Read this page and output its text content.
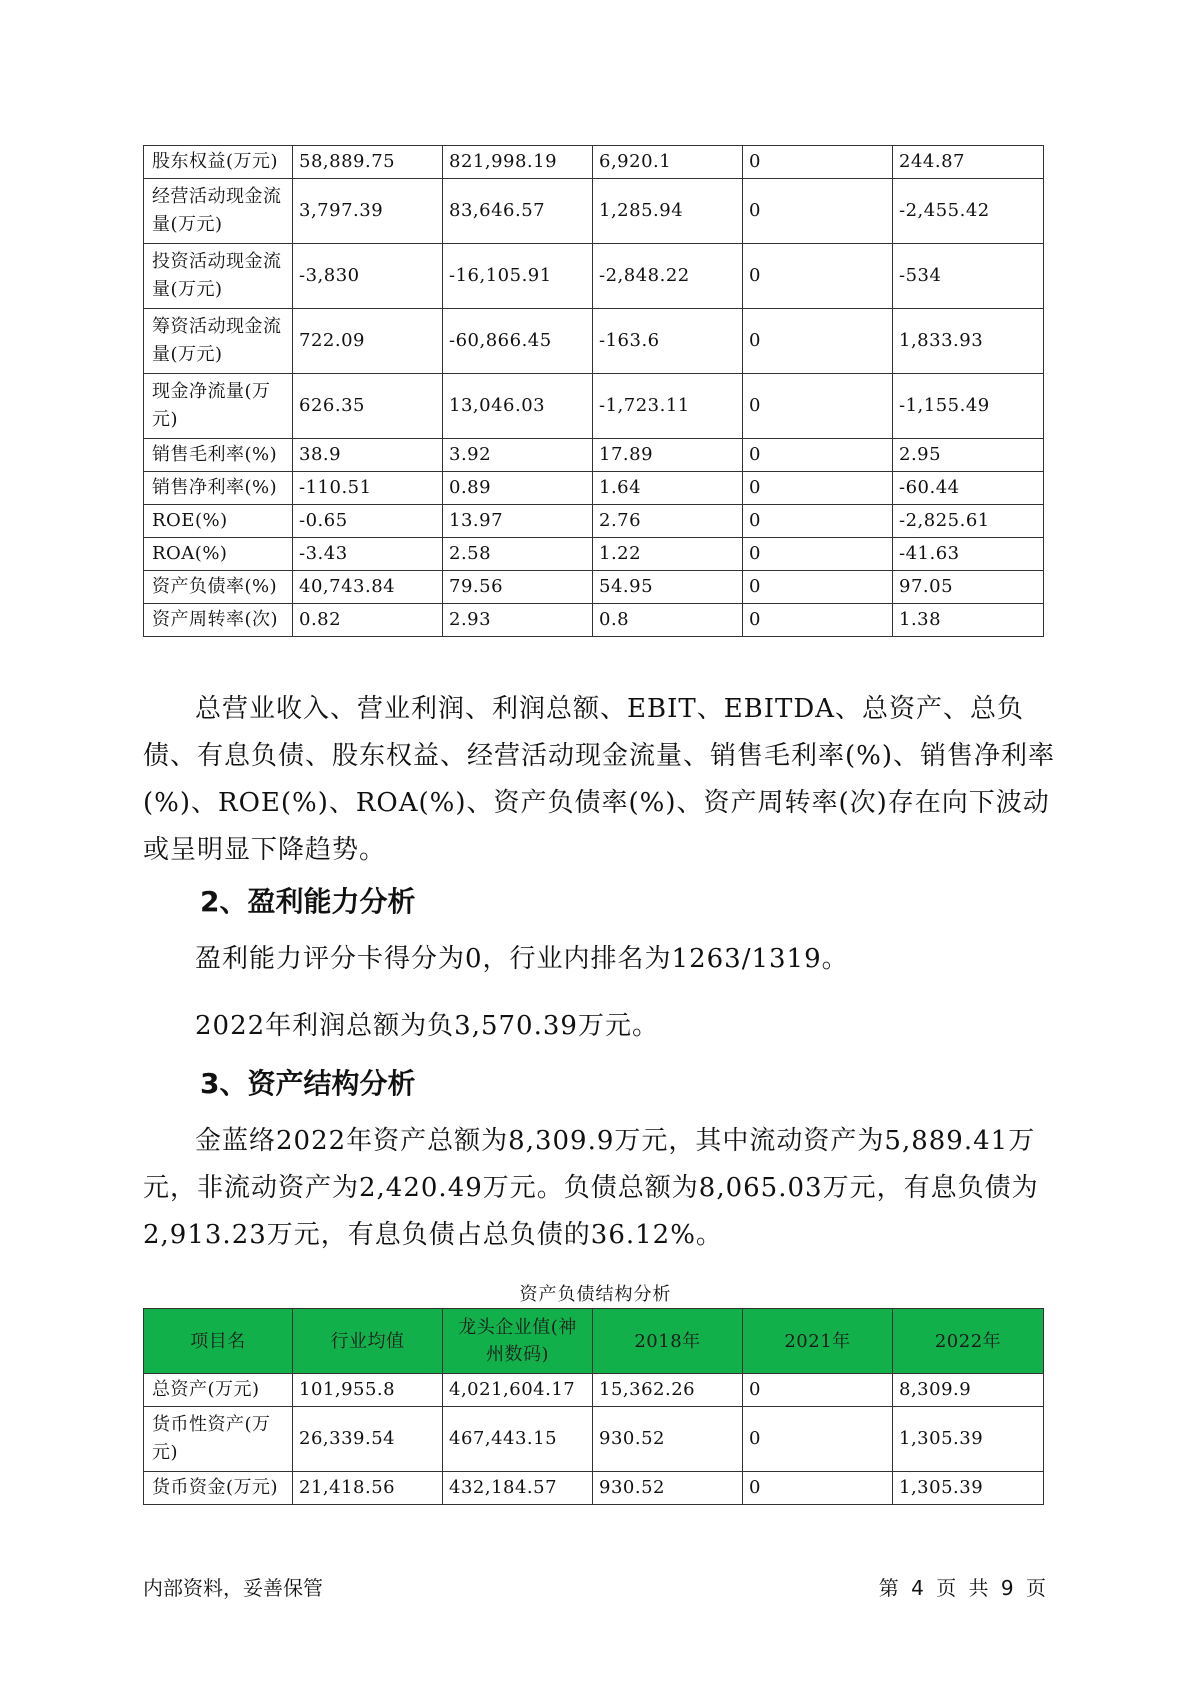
股东权益(万元)	58,889.75	821,998.19	6,920.1	0	244.87
经营活动现金流量(万元)	3,797.39	83,646.57	1,285.94	0	-2,455.42
投资活动现金流量(万元)	-3,830	-16,105.91	-2,848.22	0	-534
筹资活动现金流量(万元)	722.09	-60,866.45	-163.6	0	1,833.93
现金净流量(万元)	626.35	13,046.03	-1,723.11	0	-1,155.49
销售毛利率(%)	38.9	3.92	17.89	0	2.95
销售净利率(%)	-110.51	0.89	1.64	0	-60.44
ROE(%)	-0.65	13.97	2.76	0	-2,825.61
ROA(%)	-3.43	2.58	1.22	0	-41.63
资产负债率(%)	40,743.84	79.56	54.95	0	97.05
资产周转率(次)	0.82	2.93	0.8	0	1.38
总营业收入、营业利润、利润总额、EBIT、EBITDA、总资产、总负债、有息负债、股东权益、经营活动现金流量、销售毛利率(%)、销售净利率(%)、ROE(%)、ROA(%)、资产负债率(%)、资产周转率(次)存在向下波动或呈明显下降趋势。
2、盈利能力分析
盈利能力评分卡得分为0，行业内排名为1263/1319。
2022年利润总额为负3,570.39万元。
3、资产结构分析
金蓝络2022年资产总额为8,309.9万元，其中流动资产为5,889.41万元，非流动资产为2,420.49万元。负债总额为8,065.03万元，有息负债为2,913.23万元，有息负债占总负债的36.12%。
资产负债结构分析
项目名	行业均值	龙头企业值(神州数码)	2018年	2021年	2022年
总资产(万元)	101,955.8	4,021,604.17	15,362.26	0	8,309.9
货币性资产(万元)	26,339.54	467,443.15	930.52	0	1,305.39
货币资金(万元)	21,418.56	432,184.57	930.52	0	1,305.39
内部资料，妥善保管	第 4 页 共 9 页
